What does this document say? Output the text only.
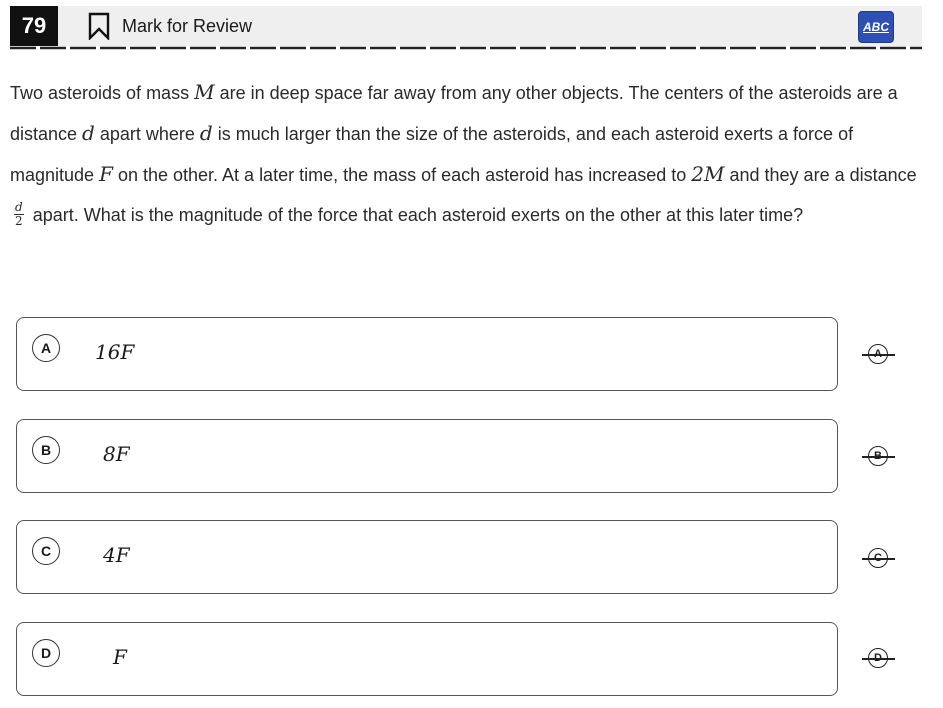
79	Mark for Review	ABC
Two asteroids of mass M are in deep space far away from any other objects. The centers of the asteroids are a distance d apart where d is much larger than the size of the asteroids, and each asteroid exerts a force of magnitude F on the other. At a later time, the mass of each asteroid has increased to 2M and they are a distance
$\frac{d}{2}$ apart. What is the magnitude of the force that each asteroid exerts on the other at this later time?
A	16F
B	8F
C	4F
D	F
